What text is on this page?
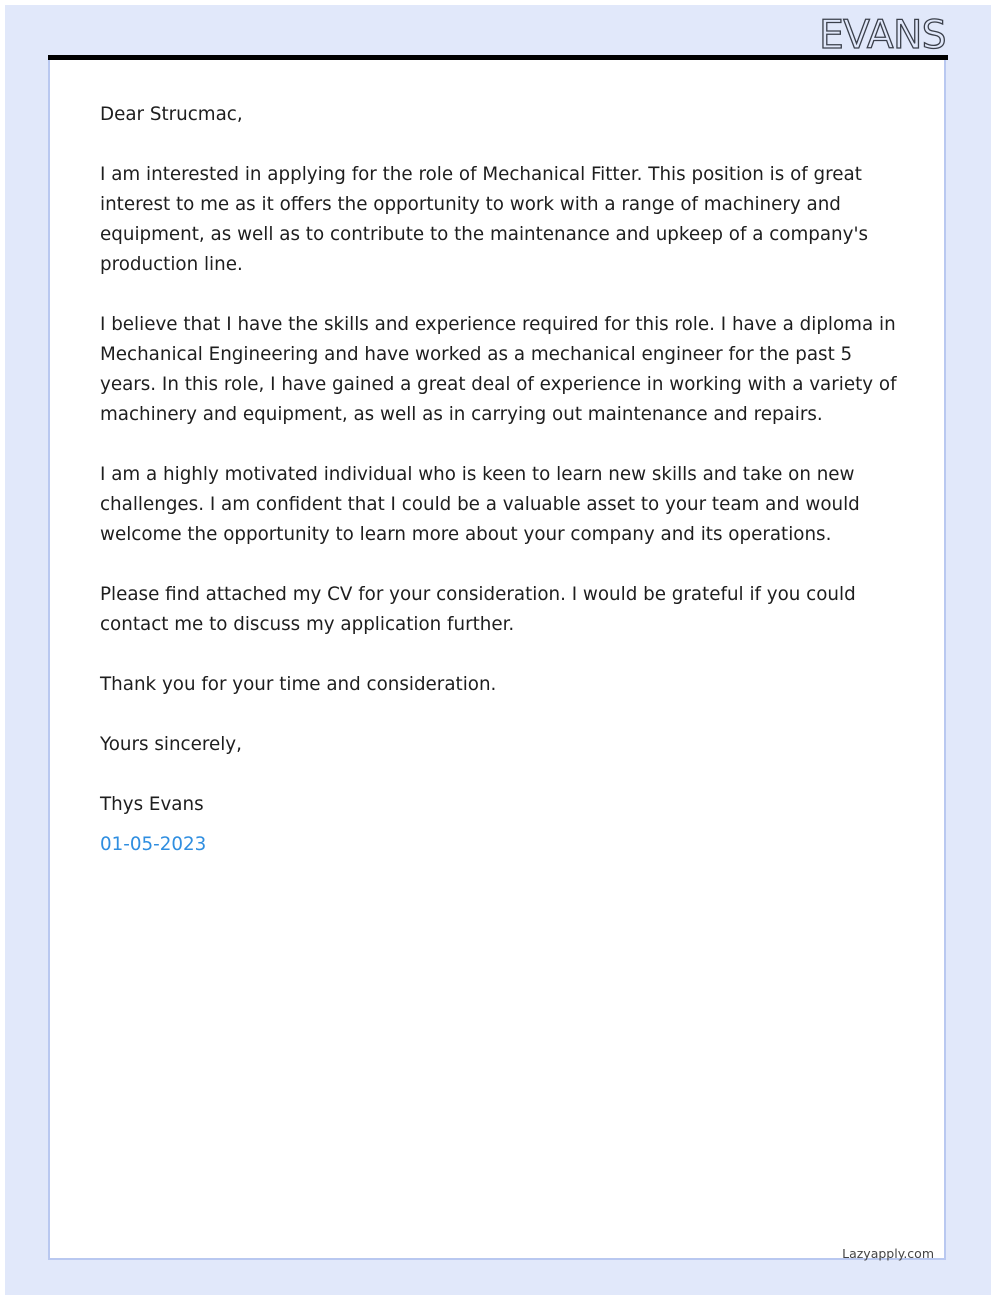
EVANS

Dear Strucmac,

I am interested in applying for the role of Mechanical Fitter. This position is of great interest to me as it offers the opportunity to work with a range of machinery and equipment, as well as to contribute to the maintenance and upkeep of a company's production line.

I believe that I have the skills and experience required for this role. I have a diploma in Mechanical Engineering and have worked as a mechanical engineer for the past 5 years. In this role, I have gained a great deal of experience in working with a variety of machinery and equipment, as well as in carrying out maintenance and repairs.

I am a highly motivated individual who is keen to learn new skills and take on new challenges. I am confident that I could be a valuable asset to your team and would welcome the opportunity to learn more about your company and its operations.

Please find attached my CV for your consideration. I would be grateful if you could contact me to discuss my application further.

Thank you for your time and consideration.

Yours sincerely,

Thys Evans

01-05-2023

Lazyapply.com
